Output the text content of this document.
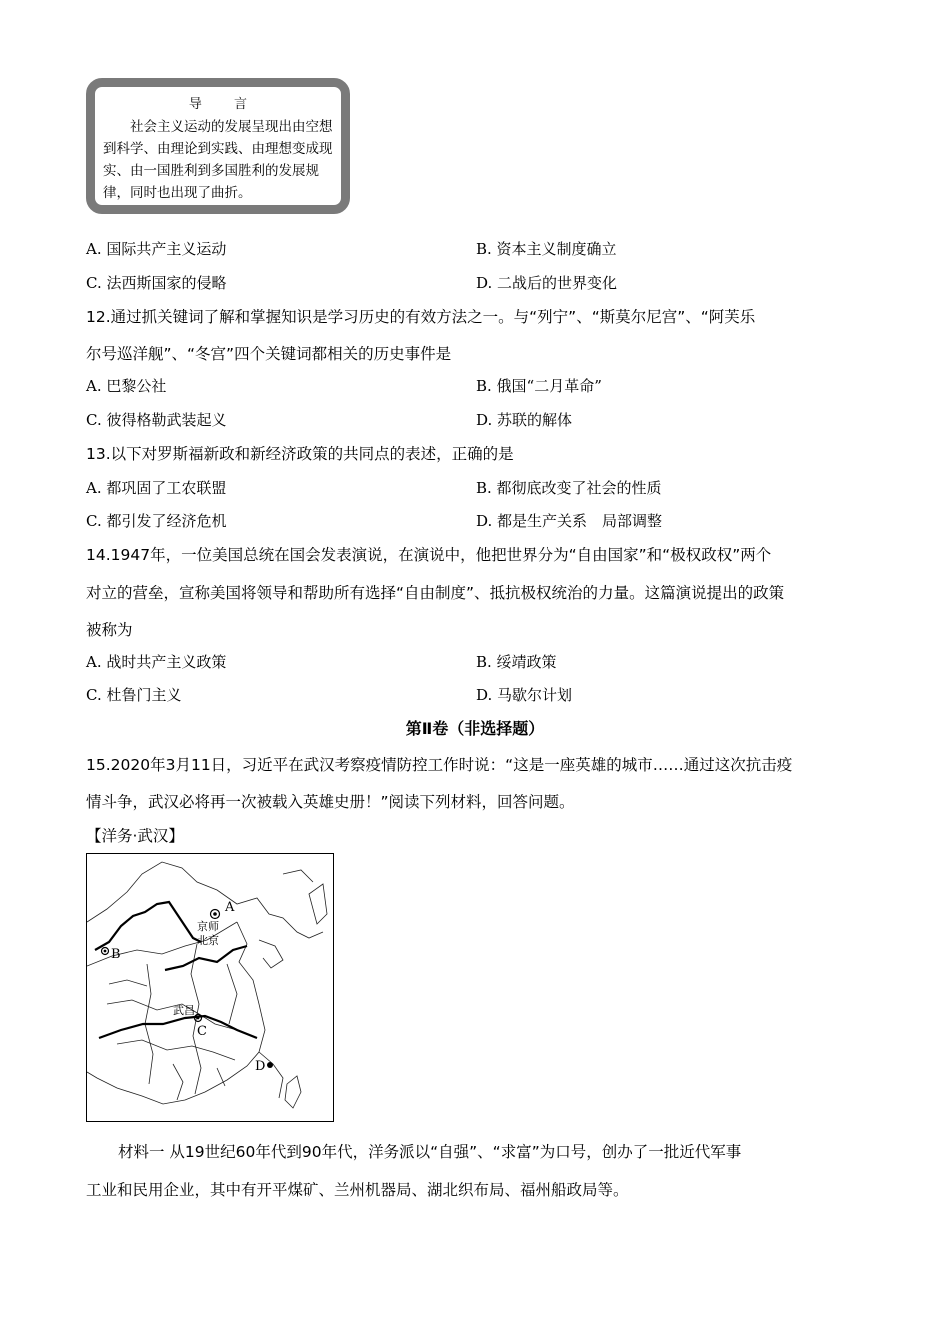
导 言
社会主义运动的发展呈现出由空想到科学、由理论到实践、由理想变成现实、由一国胜利到多国胜利的发展规律，同时也出现了曲折。
A. 国际共产主义运动	B. 资本主义制度确立
C. 法西斯国家的侵略	D. 二战后的世界变化
12.通过抓关键词了解和掌握知识是学习历史的有效方法之一。与“列宁”、“斯莫尔尼宫”、“阿芙乐
尔号巡洋舰”、“冬宫”四个关键词都相关的历史事件是
A. 巴黎公社	B. 俄国“二月革命”
C. 彼得格勒武装起义	D. 苏联的解体
13.以下对罗斯福新政和新经济政策的共同点的表述，正确的是
A. 都巩固了工农联盟	B. 都彻底改变了社会的性质
C. 都引发了经济危机	D. 都是生产关系　局部调整
14.1947年，一位美国总统在国会发表演说，在演说中，他把世界分为“自由国家”和“极权政权”两个
对立的营垒，宣称美国将领导和帮助所有选择“自由制度”、抵抗极权统治的力量。这篇演说提出的政策
被称为
A. 战时共产主义政策	B. 绥靖政策
C. 杜鲁门主义	D. 马歇尔计划
第Ⅱ卷（非选择题）
15.2020年3月11日，习近平在武汉考察疫情防控工作时说：“这是一座英雄的城市……通过这次抗击疫
情斗争，武汉必将再一次被载入英雄史册！”阅读下列材料，回答问题。
【洋务·武汉】
A
B
C
D
京师
北京
武昌
材料一 从19世纪60年代到90年代，洋务派以“自强”、“求富”为口号，创办了一批近代军事
工业和民用企业，其中有开平煤矿、兰州机器局、湖北织布局、福州船政局等。
